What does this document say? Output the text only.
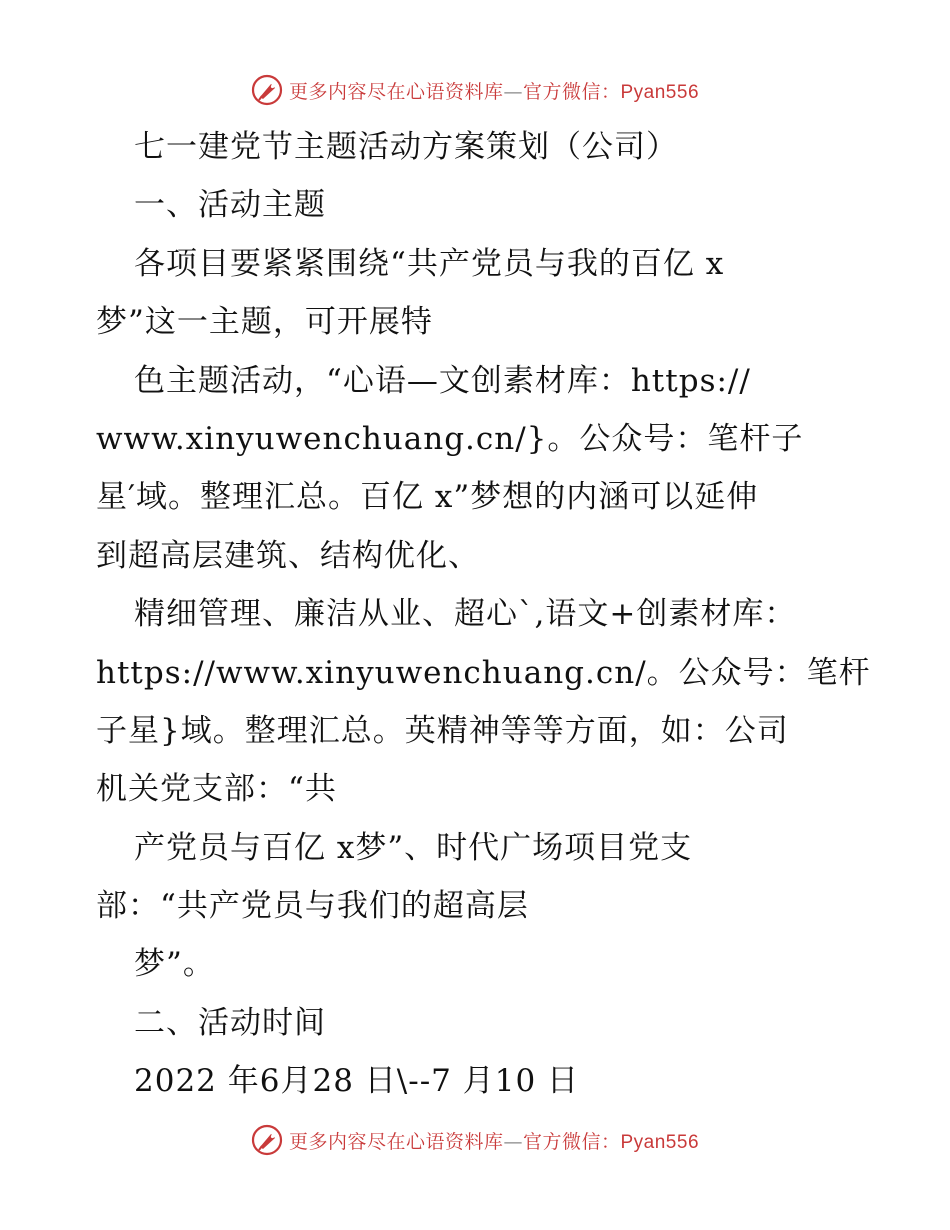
更多内容尽在心语资料库—官方微信：Pyan556
七一建党节主题活动方案策划（公司）
一、活动主题
各项目要紧紧围绕“共产党员与我的百亿 x
梦”这一主题，可开展特
色主题活动，“心语—文创素材库：https://
www.xinyuwenchuang.cn/}。公众号：笔杆子
星′域。整理汇总。百亿 x”梦想的内涵可以延伸
到超高层建筑、结构优化、
精细管理、廉洁从业、超心`,语文+创素材库：
https://www.xinyuwenchuang.cn/。公众号：笔杆
子星}域。整理汇总。英精神等等方面，如：公司
机关党支部：“共
产党员与百亿 x梦”、时代广场项目党支
部：“共产党员与我们的超高层
梦”。
二、活动时间
2022 年6月28 日\--7 月10 日
更多内容尽在心语资料库—官方微信：Pyan556
